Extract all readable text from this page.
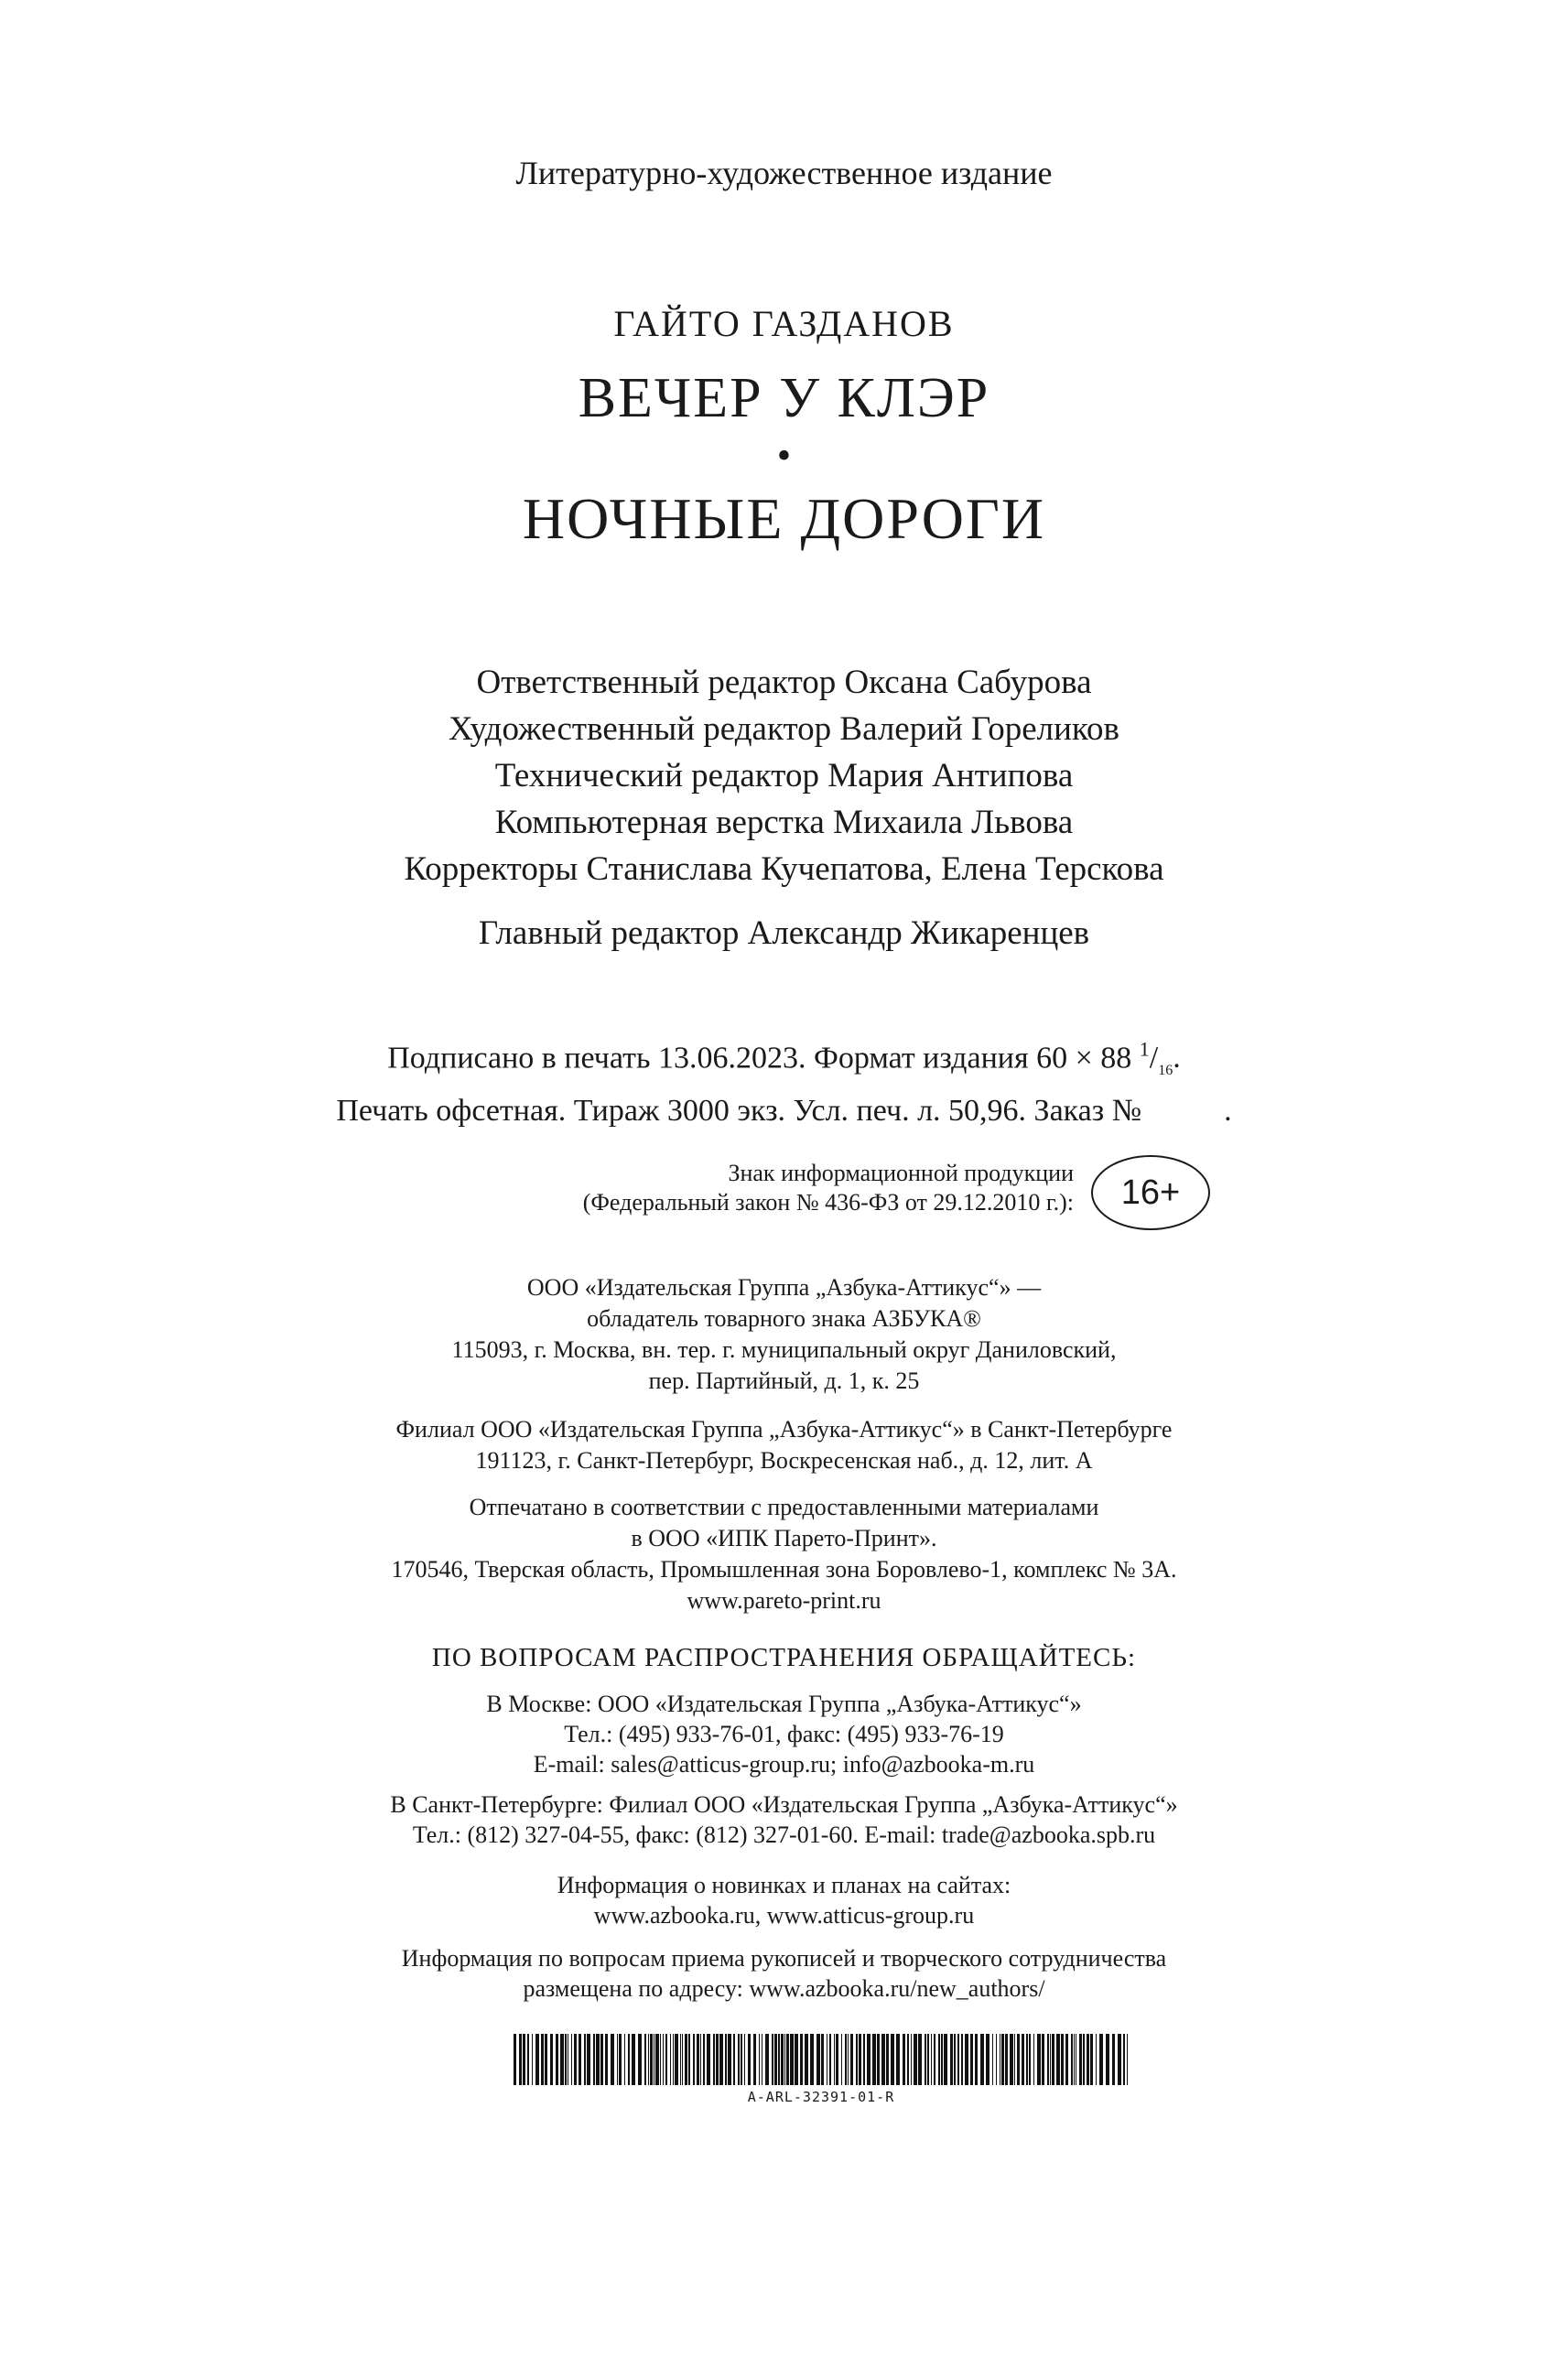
Литературно-художественное издание
ГАЙТО ГАЗДАНОВ
ВЕЧЕР У КЛЭР
•
НОЧНЫЕ ДОРОГИ
Ответственный редактор Оксана Сабурова
Художественный редактор Валерий Гореликов
Технический редактор Мария Антипова
Компьютерная верстка Михаила Львова
Корректоры Станислава Кучепатова, Елена Терскова
Главный редактор Александр Жикаренцев
Подписано в печать 13.06.2023. Формат издания 60 × 88 $^1/_{16}$.
Печать офсетная. Тираж 3000 экз. Усл. печ. л. 50,96. Заказ №	.
Знак информационной продукции
(Федеральный закон № 436-ФЗ от 29.12.2010 г.):	16+
ООО «Издательская Группа „Азбука-Аттикус“» —
обладатель товарного знака АЗБУКА®
115093, г. Москва, вн. тер. г. муниципальный округ Даниловский,
пер. Партийный, д. 1, к. 25
Филиал ООО «Издательская Группа „Азбука-Аттикус“» в Санкт-Петербурге
191123, г. Санкт-Петербург, Воскресенская наб., д. 12, лит. А
Отпечатано в соответствии с предоставленными материалами
в ООО «ИПК Парето-Принт».
170546, Тверская область, Промышленная зона Боровлево-1, комплекс № 3А.
www.pareto-print.ru
ПО ВОПРОСАМ РАСПРОСТРАНЕНИЯ ОБРАЩАЙТЕСЬ:
В Москве: ООО «Издательская Группа „Азбука-Аттикус“»
Тел.: (495) 933-76-01, факс: (495) 933-76-19
E-mail: sales@atticus-group.ru; info@azbooka-m.ru
В Санкт-Петербурге: Филиал ООО «Издательская Группа „Азбука-Аттикус“»
Тел.: (812) 327-04-55, факс: (812) 327-01-60. E-mail: trade@azbooka.spb.ru
Информация о новинках и планах на сайтах:
www.azbooka.ru, www.atticus-group.ru
Информация по вопросам приема рукописей и творческого сотрудничества
размещена по адресу: www.azbooka.ru/new_authors/
A-ARL-32391-01-R
